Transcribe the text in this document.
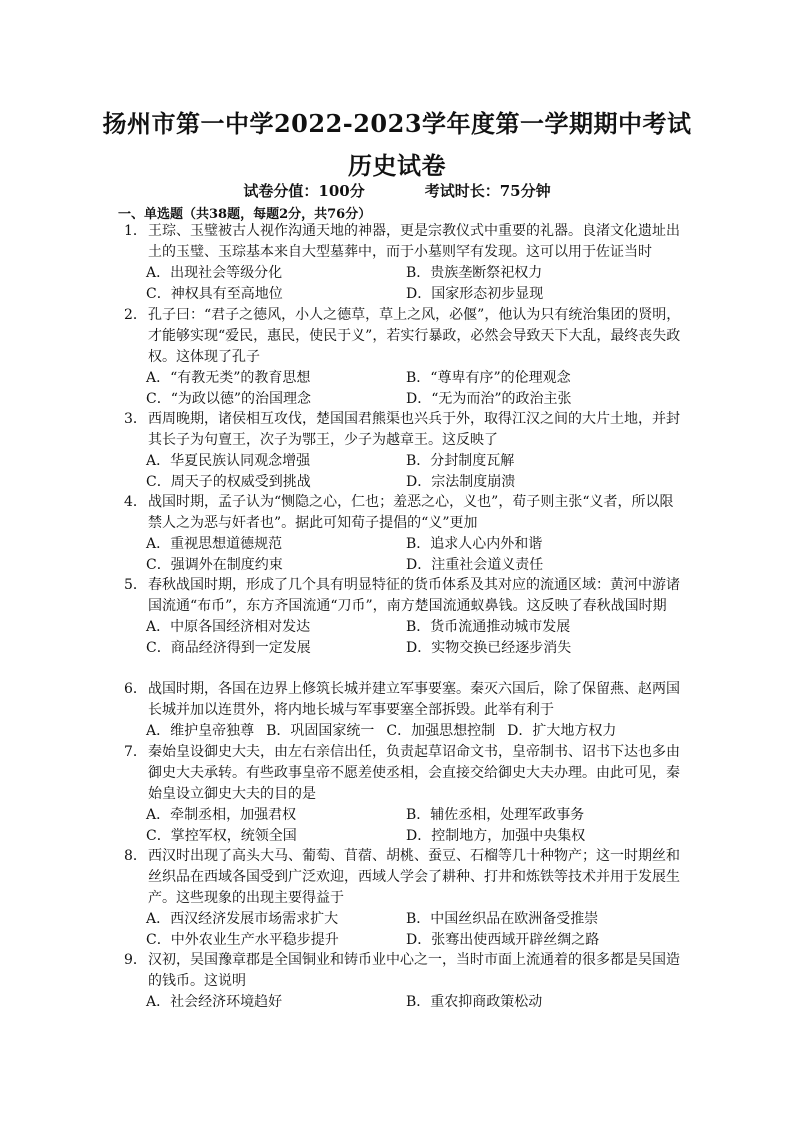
扬州市第一中学2022-2023学年度第一学期期中考试
历史试卷
试卷分值：100分	考试时长：75分钟
一、单选题（共38题，每题2分，共76分）
1．王琮、玉璧被古人视作沟通天地的神器，更是宗教仪式中重要的礼器。良渚文化遗址出土的玉璧、玉琮基本来自大型墓葬中，而于小墓则罕有发现。这可以用于佐证当时
A．出现社会等级分化	B．贵族垄断祭祀权力
C．神权具有至高地位	D．国家形态初步显现
2．孔子曰：“君子之德风，小人之德草，草上之风，必偃”，他认为只有统治集团的贤明，才能够实现“爱民，惠民，使民于义”，若实行暴政，必然会导致天下大乱，最终丧失政权。这体现了孔子
A．“有教无类”的教育思想	B．“尊卑有序”的伦理观念
C．“为政以德”的治国理念	D．“无为而治”的政治主张
3．西周晚期，诸侯相互攻伐，楚国国君熊渠也兴兵于外，取得江汉之间的大片土地，并封其长子为句亶王，次子为鄂王，少子为越章王。这反映了
A．华夏民族认同观念增强	B．分封制度瓦解
C．周天子的权威受到挑战	D．宗法制度崩溃
4．战国时期，孟子认为“恻隐之心，仁也；羞恶之心，义也”，荀子则主张“义者，所以限禁人之为恶与奸者也”。据此可知荀子提倡的“义”更加
A．重视思想道德规范	B．追求人心内外和谐
C．强调外在制度约束	D．注重社会道义责任
5．春秋战国时期，形成了几个具有明显特征的货币体系及其对应的流通区域：黄河中游诸国流通“布币”，东方齐国流通“刀币”，南方楚国流通蚁鼻钱。这反映了春秋战国时期
A．中原各国经济相对发达	B．货币流通推动城市发展
C．商品经济得到一定发展	D．实物交换已经逐步消失
6．战国时期，各国在边界上修筑长城并建立军事要塞。秦灭六国后，除了保留燕、赵两国长城并加以连贯外，将内地长城与军事要塞全部拆毁。此举有利于
A．维护皇帝独尊 B．巩固国家统一 C．加强思想控制 D．扩大地方权力
7．秦始皇设御史大夫，由左右亲信出任，负责起草诏命文书，皇帝制书、诏书下达也多由御史大夫承转。有些政事皇帝不愿差使丞相，会直接交给御史大夫办理。由此可见，秦始皇设立御史大夫的目的是
A．牵制丞相，加强君权	B．辅佐丞相，处理军政事务
C．掌控军权，统领全国	D．控制地方，加强中央集权
8．西汉时出现了高头大马、葡萄、苜蓿、胡桃、蚕豆、石榴等几十种物产；这一时期丝和丝织品在西域各国受到广泛欢迎，西域人学会了耕种、打井和炼铁等技术并用于发展生产。这些现象的出现主要得益于
A．西汉经济发展市场需求扩大	B．中国丝织品在欧洲备受推崇
C．中外农业生产水平稳步提升	D．张骞出使西域开辟丝绸之路
9．汉初，吴国豫章郡是全国铜业和铸币业中心之一，当时市面上流通着的很多都是吴国造的钱币。这说明
A．社会经济环境趋好	B．重农抑商政策松动
